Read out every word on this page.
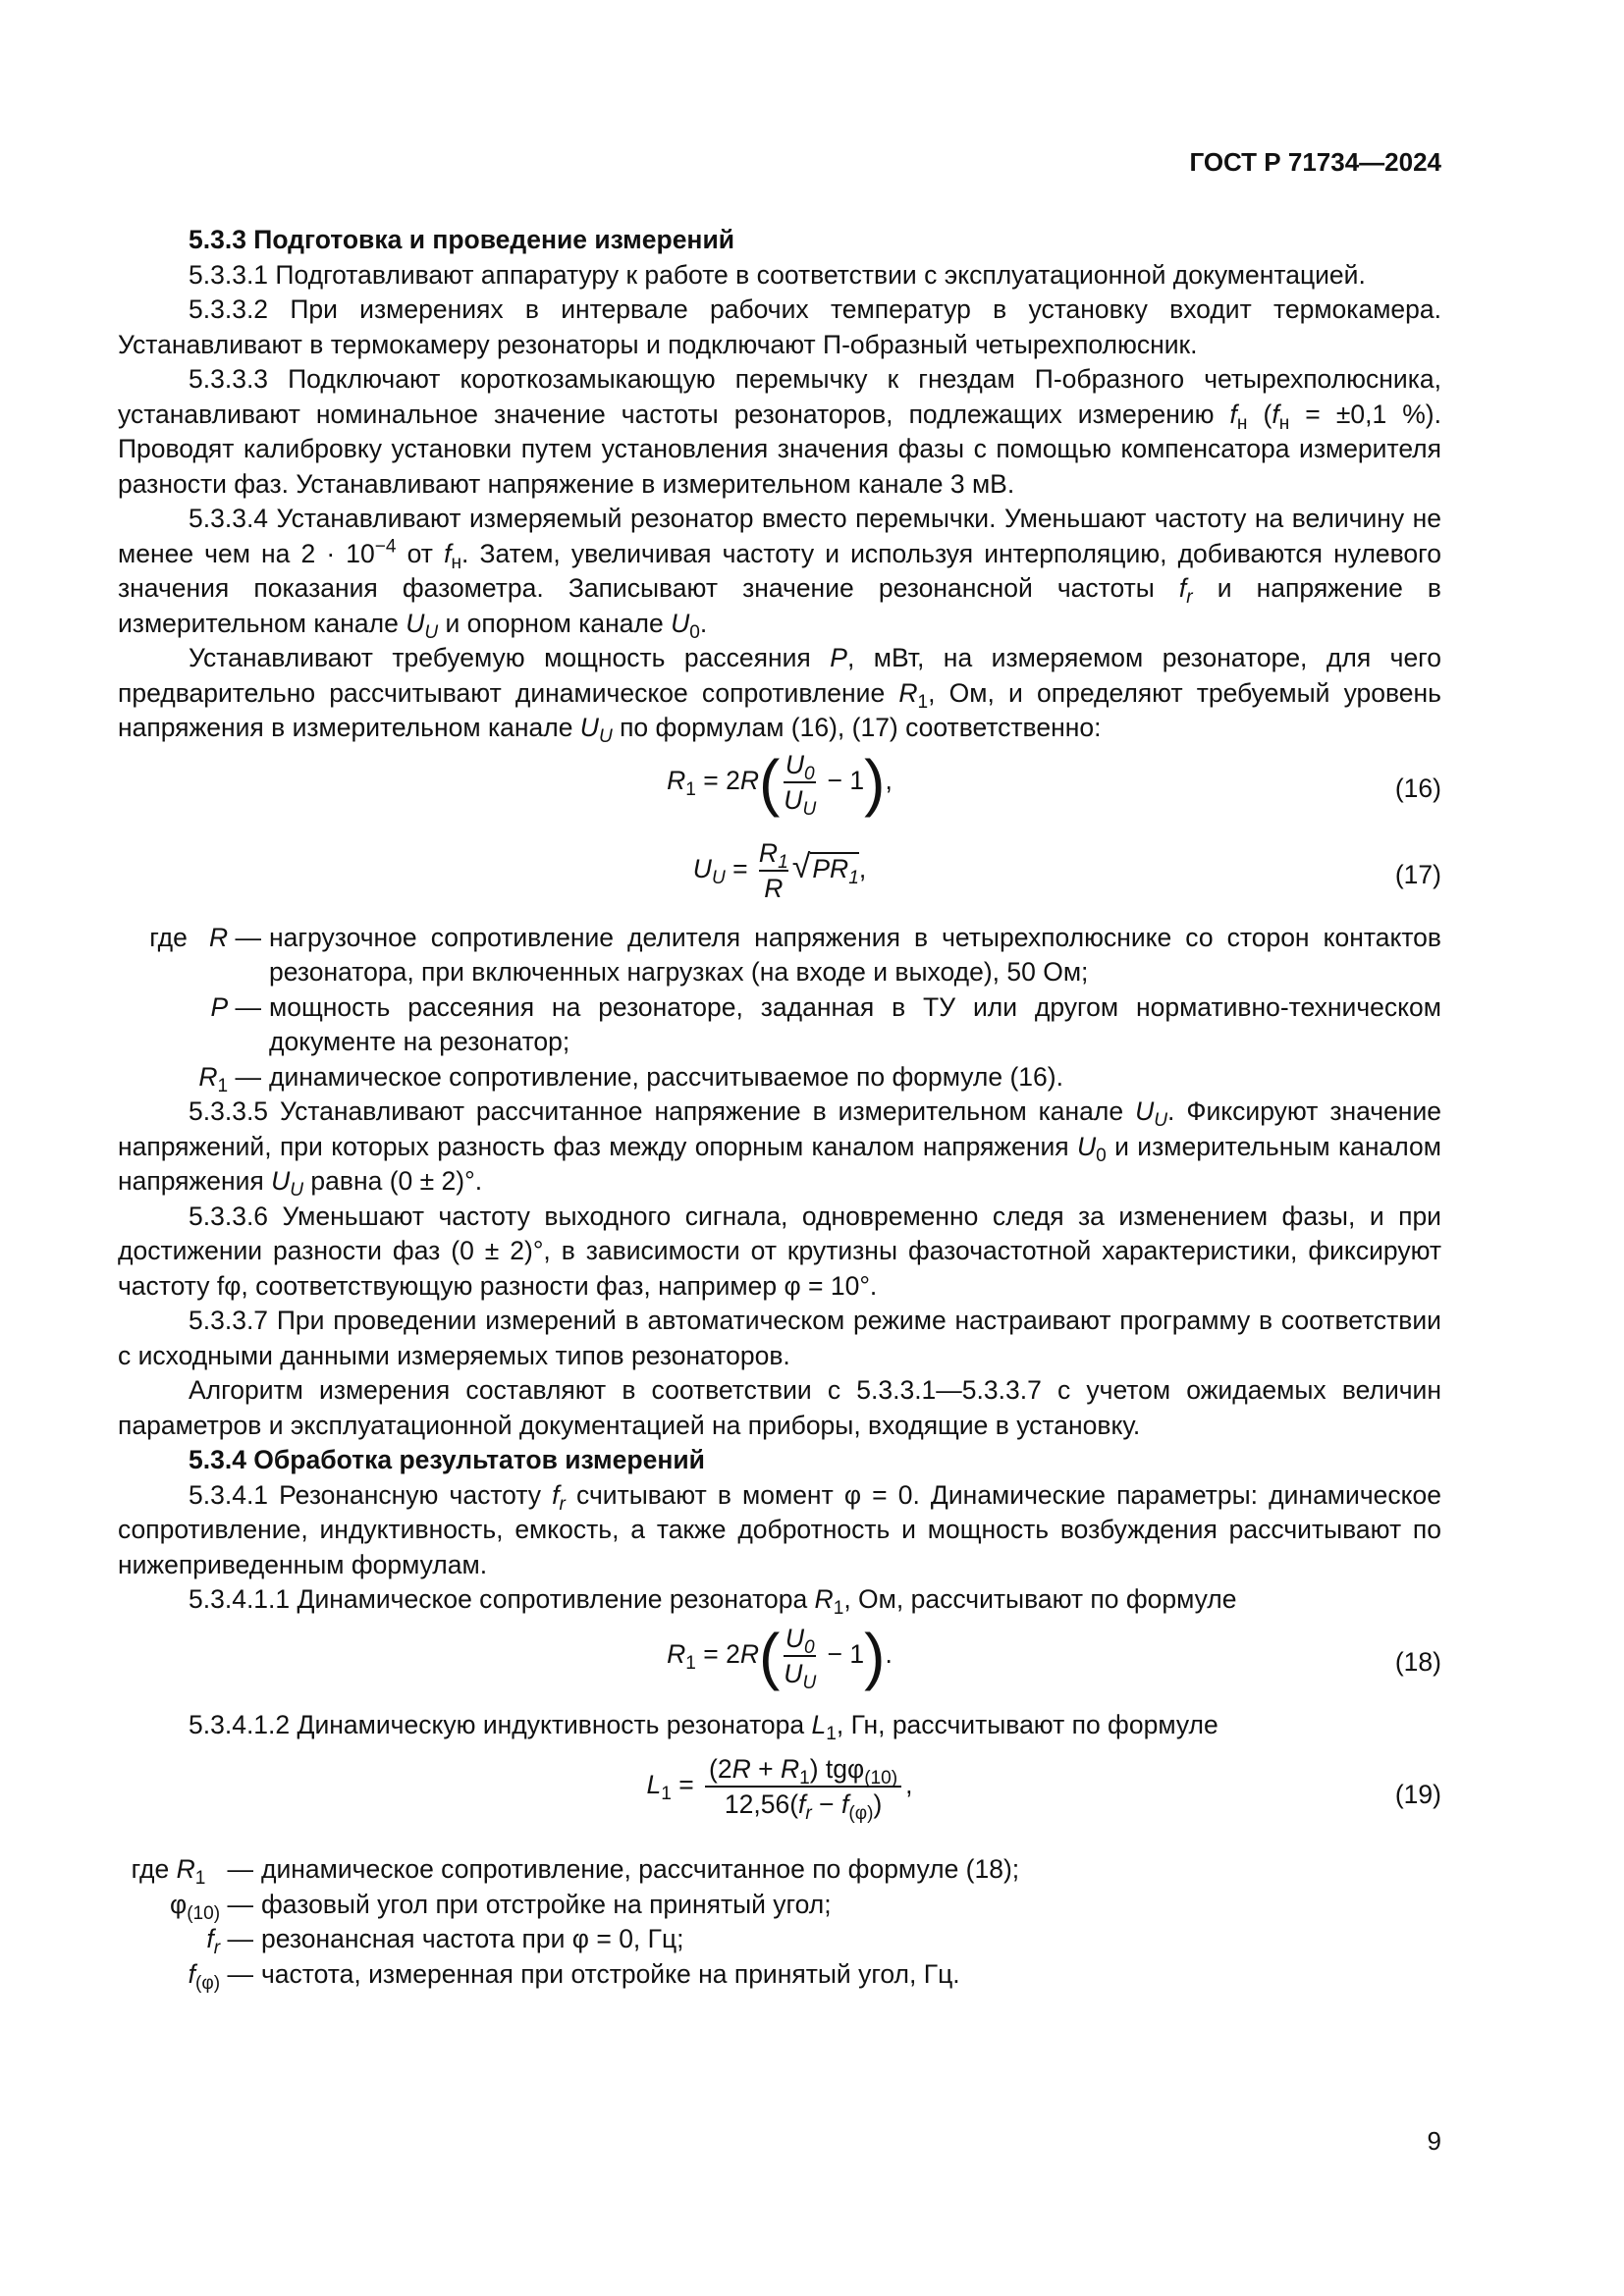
ГОСТ Р 71734—2024

5.3.3 Подготовка и проведение измерений

5.3.3.1 Подготавливают аппаратуру к работе в соответствии с эксплуатационной документацией.

5.3.3.2 При измерениях в интервале рабочих температур в установку входит термокамера. Устанавливают в термокамеру резонаторы и подключают П-образный четырехполюсник.

5.3.3.3 Подключают короткозамыкающую перемычку к гнездам П-образного четырехполюсника, устанавливают номинальное значение частоты резонаторов, подлежащих измерению $f_н$ ($f_н = \pm 0,1$ %). Проводят калибровку установки путем установления значения фазы с помощью компенсатора измерителя разности фаз. Устанавливают напряжение в измерительном канале 3 мВ.

5.3.3.4 Устанавливают измеряемый резонатор вместо перемычки. Уменьшают частоту на величину не менее чем на $2 \cdot 10^{-4}$ от $f_н$. Затем, увеличивая частоту и используя интерполяцию, добиваются нулевого значения показания фазометра. Записывают значение резонансной частоты $f_r$ и напряжение в измерительном канале $U_U$ и опорном канале $U_0$.

Устанавливают требуемую мощность рассеяния P, мВт, на измеряемом резонаторе, для чего предварительно рассчитывают динамическое сопротивление $R_1$, Ом, и определяют требуемый уровень напряжения в измерительном канале $U_U$ по формулам (16), (17) соответственно:

$R_1 = 2R( \frac{U_0}{U_U} - 1)$,	(16)
$U_U = \frac{R_1}{R} √PR_1$,	(17)
где R — нагрузочное сопротивление делителя напряжения в четырехполюснике со сторон контактов резонатора, при включенных нагрузках (на входе и выходе), 50 Ом;

P — мощность рассеяния на резонаторе, заданная в ТУ или другом нормативно-техническом документе на резонатор;

$R_1$ — динамическое сопротивление, рассчитываемое по формуле (16).

5.3.3.5 Устанавливают рассчитанное напряжение в измерительном канале $U_U$. Фиксируют значение напряжений, при которых разность фаз между опорным каналом напряжения $U_0$ и измерительным каналом напряжения $U_U$ равна (0 ± 2)°.

5.3.3.6 Уменьшают частоту выходного сигнала, одновременно следя за изменением фазы, и при достижении разности фаз (0 ± 2)°, в зависимости от крутизны фазочастотной характеристики, фиксируют частоту fφ, соответствующую разности фаз, например φ = 10°.

5.3.3.7 При проведении измерений в автоматическом режиме настраивают программу в соответствии с исходными данными измеряемых типов резонаторов.

Алгоритм измерения составляют в соответствии с 5.3.3.1—5.3.3.7 с учетом ожидаемых величин параметров и эксплуатационной документацией на приборы, входящие в установку.

5.3.4 Обработка результатов измерений

5.3.4.1 Резонансную частоту $f_r$ считывают в момент φ = 0. Динамические параметры: динамическое сопротивление, индуктивность, емкость, а также добротность и мощность возбуждения рассчитывают по нижеприведенным формулам.

5.3.4.1.1 Динамическое сопротивление резонатора $R_1$, Ом, рассчитывают по формуле

$R_1 = 2R( \frac{U_0}{U_U} - 1)$.	(18)

5.3.4.1.2 Динамическую индуктивность резонатора $L_1$, Гн, рассчитывают по формуле

$L_1 = \frac{(2R + R_1) tg\varphi_{(10)}}{12,56(f_r - f_{(\varphi)})}$ ,	(19)
где $R_1$   — динамическое сопротивление, рассчитанное по формуле (18);

$\varphi_{(10)}$ — фазовый угол при отстройке на принятый угол;

$f_r$ — резонансная частота при φ = 0, Гц;

$f_{(\varphi)}$ — частота, измеренная при отстройке на принятый угол, Гц.

9
